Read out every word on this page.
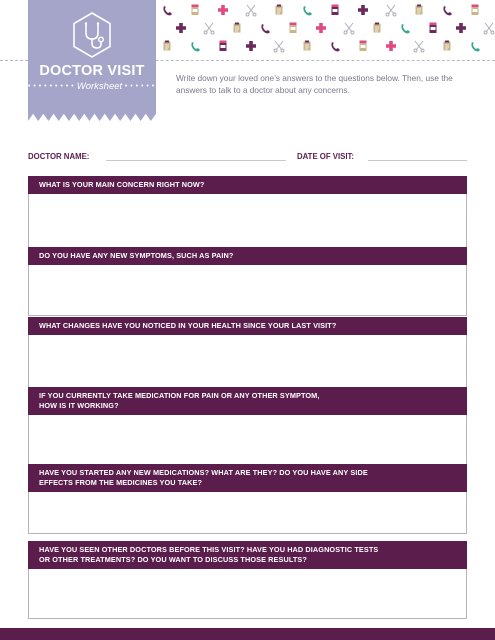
DOCTOR VISIT
• • • • • • • • • Worksheet • • • • • • • • •

Write down your loved one’s answers to the questions below. Then, use the answers to talk to a doctor about any concerns.

DOCTOR NAME:	DATE OF VISIT:
WHAT IS YOUR MAIN CONCERN RIGHT NOW?
DO YOU HAVE ANY NEW SYMPTOMS, SUCH AS PAIN?
WHAT CHANGES HAVE YOU NOTICED IN YOUR HEALTH SINCE YOUR LAST VISIT?
IF YOU CURRENTLY TAKE MEDICATION FOR PAIN OR ANY OTHER SYMPTOM,
HOW IS IT WORKING?
HAVE YOU STARTED ANY NEW MEDICATIONS? WHAT ARE THEY? DO YOU HAVE ANY SIDE
EFFECTS FROM THE MEDICINES YOU TAKE?
HAVE YOU SEEN OTHER DOCTORS BEFORE THIS VISIT? HAVE YOU HAD DIAGNOSTIC TESTS
OR OTHER TREATMENTS? DO YOU WANT TO DISCUSS THOSE RESULTS?
